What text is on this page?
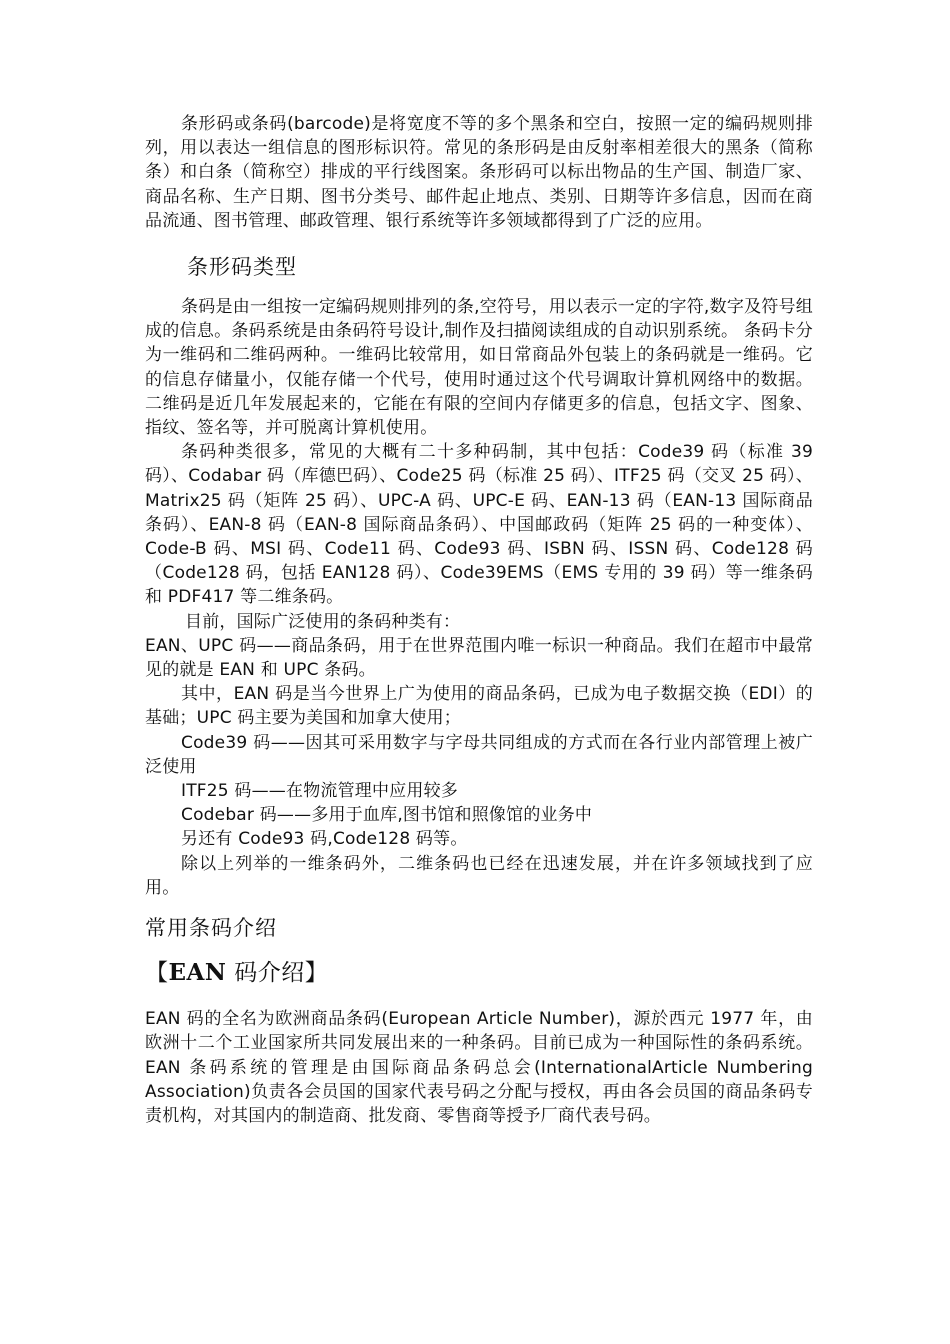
条形码或条码(barcode)是将宽度不等的多个黑条和空白，按照一定的编码规则排列，用以表达一组信息的图形标识符。常见的条形码是由反射率相差很大的黑条（简称条）和白条（简称空）排成的平行线图案。条形码可以标出物品的生产国、制造厂家、商品名称、生产日期、图书分类号、邮件起止地点、类别、日期等许多信息，因而在商品流通、图书管理、邮政管理、银行系统等许多领域都得到了广泛的应用。

条形码类型

条码是由一组按一定编码规则排列的条,空符号，用以表示一定的字符,数字及符号组成的信息。条码系统是由条码符号设计,制作及扫描阅读组成的自动识别系统。 条码卡分为一维码和二维码两种。一维码比较常用，如日常商品外包装上的条码就是一维码。它的信息存储量小，仅能存储一个代号，使用时通过这个代号调取计算机网络中的数据。二维码是近几年发展起来的，它能在有限的空间内存储更多的信息，包括文字、图象、指纹、签名等，并可脱离计算机使用。

条码种类很多，常见的大概有二十多种码制，其中包括：Code39 码（标准 39 码）、Codabar 码（库德巴码）、Code25 码（标准 25 码）、ITF25 码（交叉 25 码）、Matrix25 码（矩阵 25 码）、UPC-A 码、UPC-E 码、EAN-13 码（EAN-13 国际商品条码）、EAN-8 码（EAN-8 国际商品条码）、中国邮政码（矩阵 25 码的一种变体）、Code-B 码、MSI 码、Code11 码、Code93 码、ISBN 码、ISSN 码、Code128 码（Code128 码，包括 EAN128 码）、Code39EMS（EMS 专用的 39 码）等一维条码和 PDF417 等二维条码。

目前，国际广泛使用的条码种类有：

EAN、UPC 码——商品条码，用于在世界范围内唯一标识一种商品。我们在超市中最常见的就是 EAN 和 UPC 条码。

其中，EAN 码是当今世界上广为使用的商品条码，已成为电子数据交换（EDI）的基础；UPC 码主要为美国和加拿大使用；

Code39 码——因其可采用数字与字母共同组成的方式而在各行业内部管理上被广泛使用

ITF25 码——在物流管理中应用较多

Codebar 码——多用于血库,图书馆和照像馆的业务中

另还有 Code93 码,Code128 码等。

除以上列举的一维条码外，二维条码也已经在迅速发展，并在许多领域找到了应用。

常用条码介绍
【EAN 码介绍】

EAN 码的全名为欧洲商品条码(European Article Number)，源於西元 1977 年，由欧洲十二个工业国家所共同发展出来的一种条码。目前已成为一种国际性的条码系统。EAN 条码系统的管理是由国际商品条码总会(InternationalArticle Numbering Association)负责各会员国的国家代表号码之分配与授权，再由各会员国的商品条码专责机构，对其国内的制造商、批发商、零售商等授予厂商代表号码。
